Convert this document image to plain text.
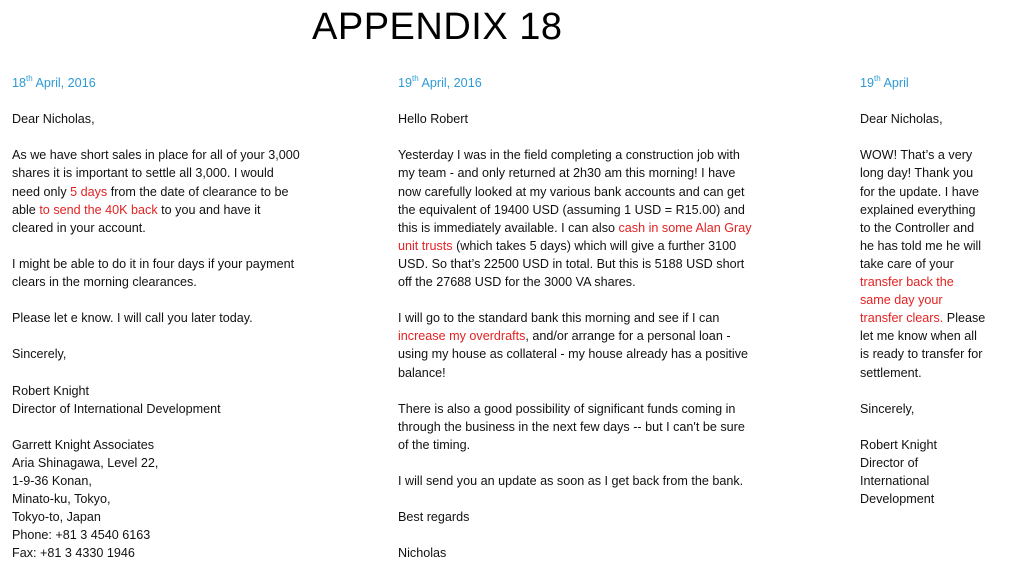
APPENDIX 18

18th April, 2016

Dear Nicholas,

As we have short sales in place for all of your 3,000
shares it is important to settle all 3,000. I would
need only 5 days from the date of clearance to be
able to send the 40K back to you and have it
cleared in your account.

I might be able to do it in four days if your payment
clears in the morning clearances.

Please let e know. I will call you later today.

Sincerely,

Robert Knight
Director of International Development

Garrett Knight Associates
Aria Shinagawa, Level 22,
1-9-36 Konan,
Minato-ku, Tokyo,
Tokyo-to, Japan
Phone: +81 3 4540 6163
Fax: +81 3 4330 1946

19th April, 2016

Hello Robert

Yesterday I was in the field completing a construction job with
my team - and only returned at 2h30 am this morning! I have
now carefully looked at my various bank accounts and can get
the equivalent of 19400 USD (assuming 1 USD = R15.00) and
this is immediately available. I can also cash in some Alan Gray
unit trusts (which takes 5 days) which will give a further 3100
USD. So that’s 22500 USD in total. But this is 5188 USD short
off the 27688 USD for the 3000 VA shares.

I will go to the standard bank this morning and see if I can
increase my overdrafts, and/or arrange for a personal loan -
using my house as collateral - my house already has a positive
balance!

There is also a good possibility of significant funds coming in
through the business in the next few days -- but I can't be sure
of the timing.

I will send you an update as soon as I get back from the bank.

Best regards

Nicholas

19th April

Dear Nicholas,

WOW! That’s a very
long day! Thank you
for the update. I have
explained everything
to the Controller and
he has told me he will
take care of your
transfer back the
same day your
transfer clears. Please
let me know when all
is ready to transfer for
settlement.

Sincerely,

Robert Knight
Director of
International
Development
